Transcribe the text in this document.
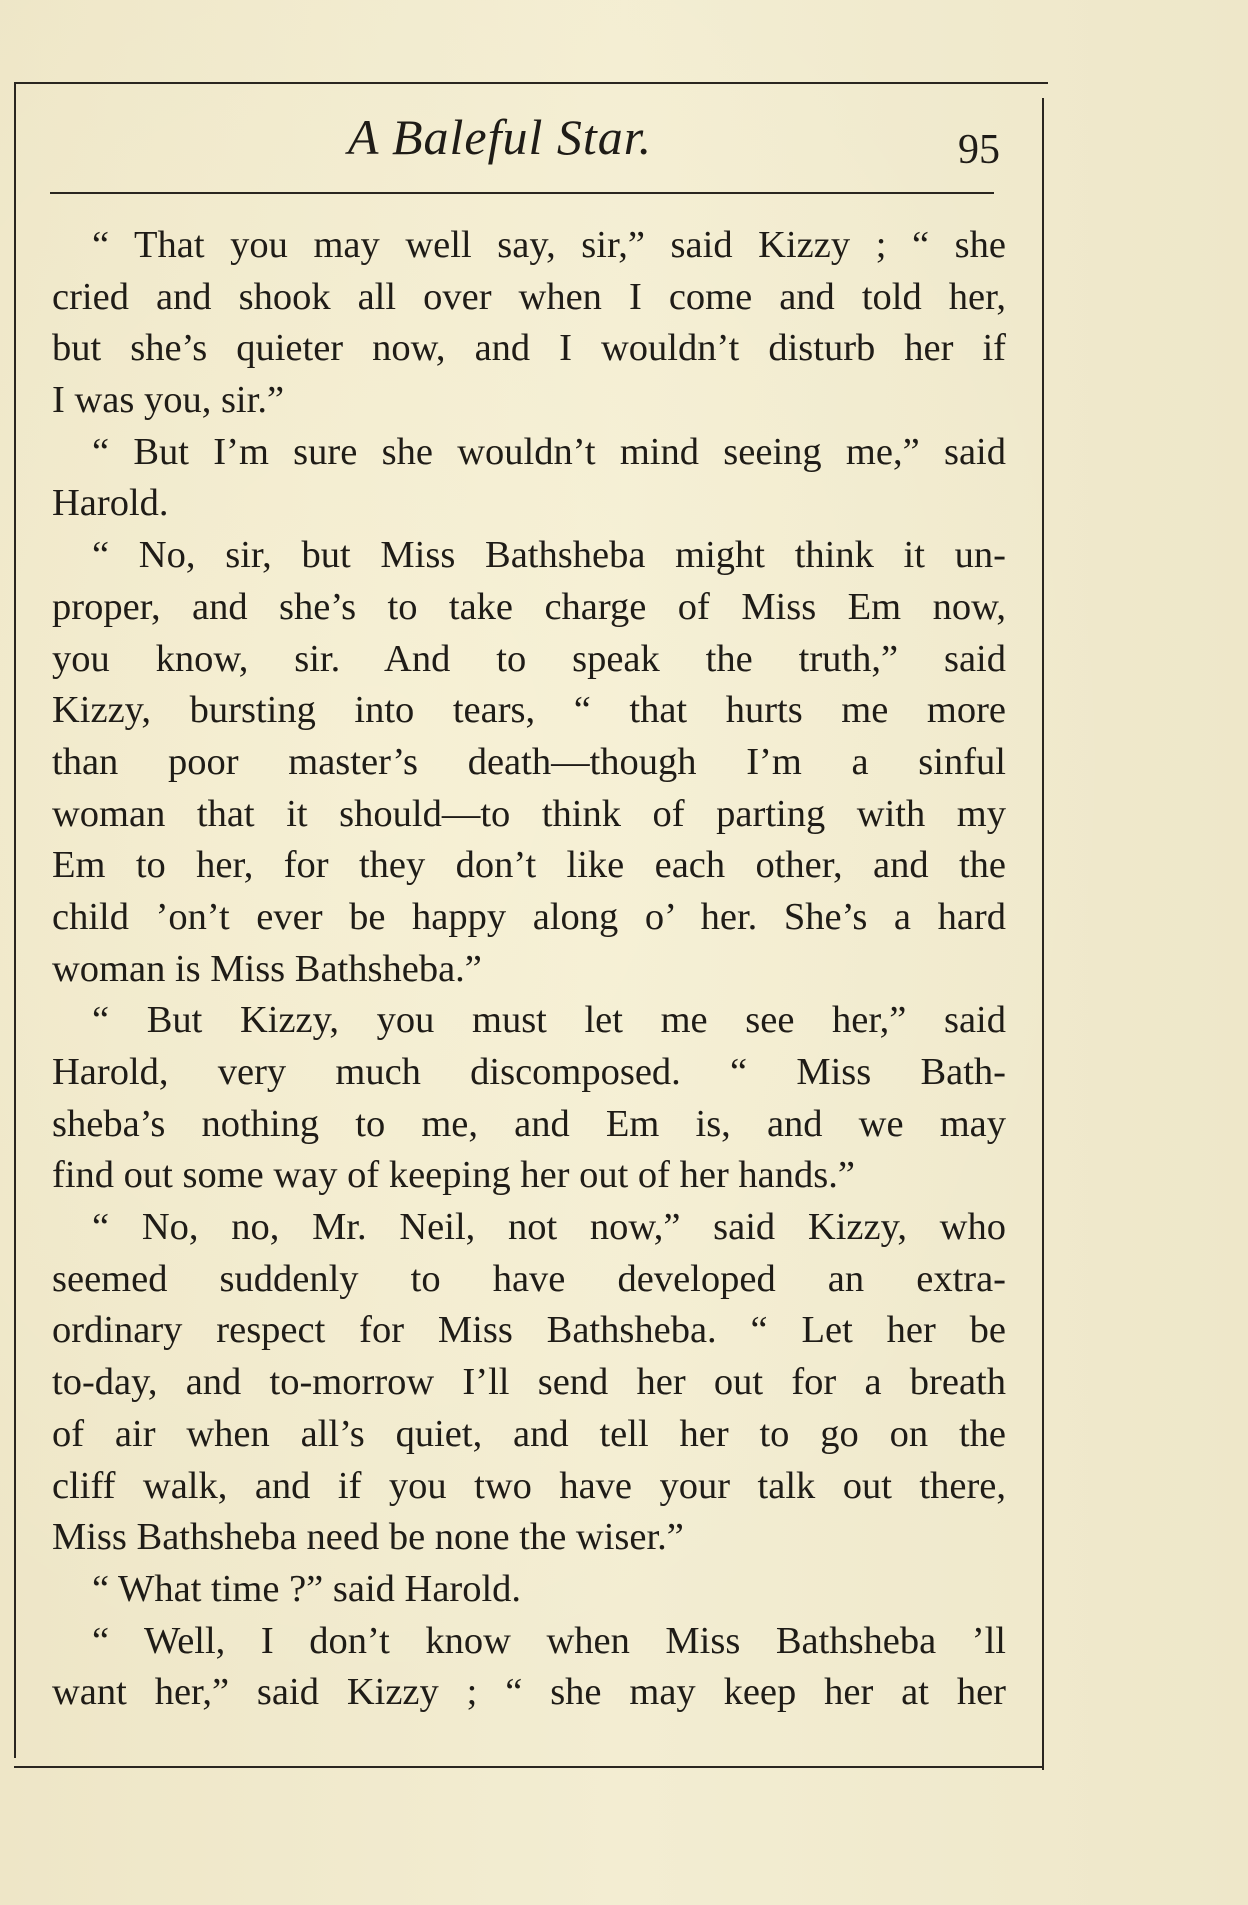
A Baleful Star.	95
“ That you may well say, sir,” said Kizzy ; “ she
cried and shook all over when I come and told her,
but she’s quieter now, and I wouldn’t disturb her if
I was you, sir.”
“ But I’m sure she wouldn’t mind seeing me,” said
Harold.
“ No, sir, but Miss Bathsheba might think it un-
proper, and she’s to take charge of Miss Em now,
you know, sir. And to speak the truth,” said
Kizzy, bursting into tears, “ that hurts me more
than poor master’s death—though I’m a sinful
woman that it should—to think of parting with my
Em to her, for they don’t like each other, and the
child ’on’t ever be happy along o’ her. She’s a hard
woman is Miss Bathsheba.”
“ But Kizzy, you must let me see her,” said
Harold, very much discomposed. “ Miss Bath-
sheba’s nothing to me, and Em is, and we may
find out some way of keeping her out of her hands.”
“ No, no, Mr. Neil, not now,” said Kizzy, who
seemed suddenly to have developed an extra-
ordinary respect for Miss Bathsheba. “ Let her be
to-day, and to-morrow I’ll send her out for a breath
of air when all’s quiet, and tell her to go on the
cliff walk, and if you two have your talk out there,
Miss Bathsheba need be none the wiser.”
“ What time ?” said Harold.
“ Well, I don’t know when Miss Bathsheba ’ll
want her,” said Kizzy ; “ she may keep her at her
